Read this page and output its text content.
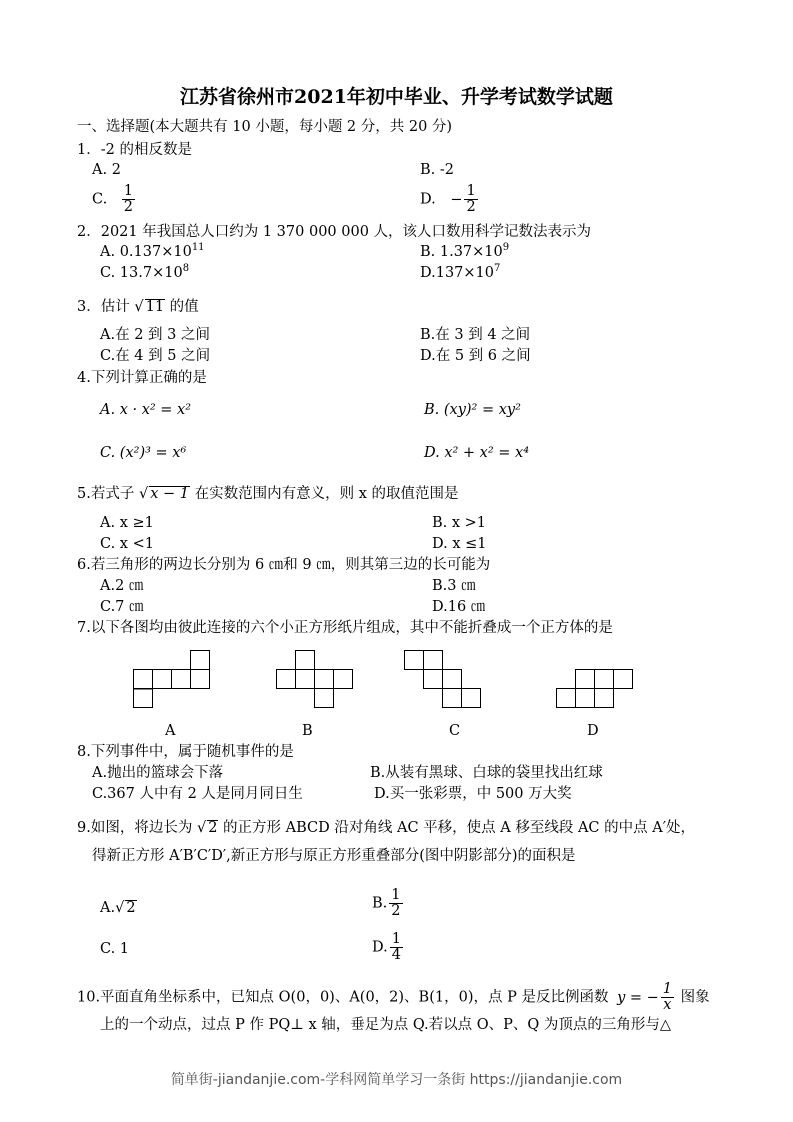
江苏省徐州市2021年初中毕业、升学考试数学试题
一、选择题(本大题共有 10 小题，每小题 2 分，共 20 分)
1．-2 的相反数是
A. 2	B. -2
C. $\frac{1}{2}$	D. − $\frac{1}{2}$
2．2021 年我国总人口约为 1 370 000 000 人，该人口数用科学记数法表示为
A. $0.137\times 10^{11}$	B. $1.37\times 10^9$
C. $13.7\times 10^8$	$D.137\times 10^7$
3．估计 √ 11 的值
A.在 2 到 3 之间	B.在 3 到 4 之间
C.在 4 到 5 之间	D.在 5 到 6 之间
4.下列计算正确的是
A. x · x² = x²	B. (xy)² = xy²
C. (x²)³ = x⁶	D. x² + x² = x⁴
5.若式子 √ x − 1 在实数范围内有意义，则 x 的取值范围是
A. x ≥1	B. x >1
C. x <1	D. x ≤1
6.若三角形的两边长分别为 6 ㎝和 9 ㎝，则其第三边的长可能为
A.2 ㎝	B.3 ㎝
C.7 ㎝	D.16 ㎝
7.以下各图均由彼此连接的六个小正方形纸片组成，其中不能折叠成一个正方体的是
A	B	C	D
8.下列事件中，属于随机事件的是
A.抛出的篮球会下落	B.从装有黑球、白球的袋里找出红球
C.367 人中有 2 人是同月同日生	D.买一张彩票，中 500 万大奖
9.如图，将边长为 √ 2 的正方形 ABCD 沿对角线 AC 平移，使点 A 移至线段 AC 的中点 A′处，
得新正方形 A′B′C′D′,新正方形与原正方形重叠部分(图中阴影部分)的面积是
A.√ 2	B. $\frac{1}{2}$
C. 1	D. $\frac{1}{4}$
10.平面直角坐标系中，已知点 O(0，0)、A(0，2)、B(1，0)，点 P 是反比例函数 y = − $\frac{1}{x}$ 图象
上的一个动点，过点 P 作 PQ⊥ x 轴，垂足为点 Q.若以点 O、P、Q 为顶点的三角形与△
简单街-jiandanjie.com-学科网简单学习一条街 https://jiandanjie.com
